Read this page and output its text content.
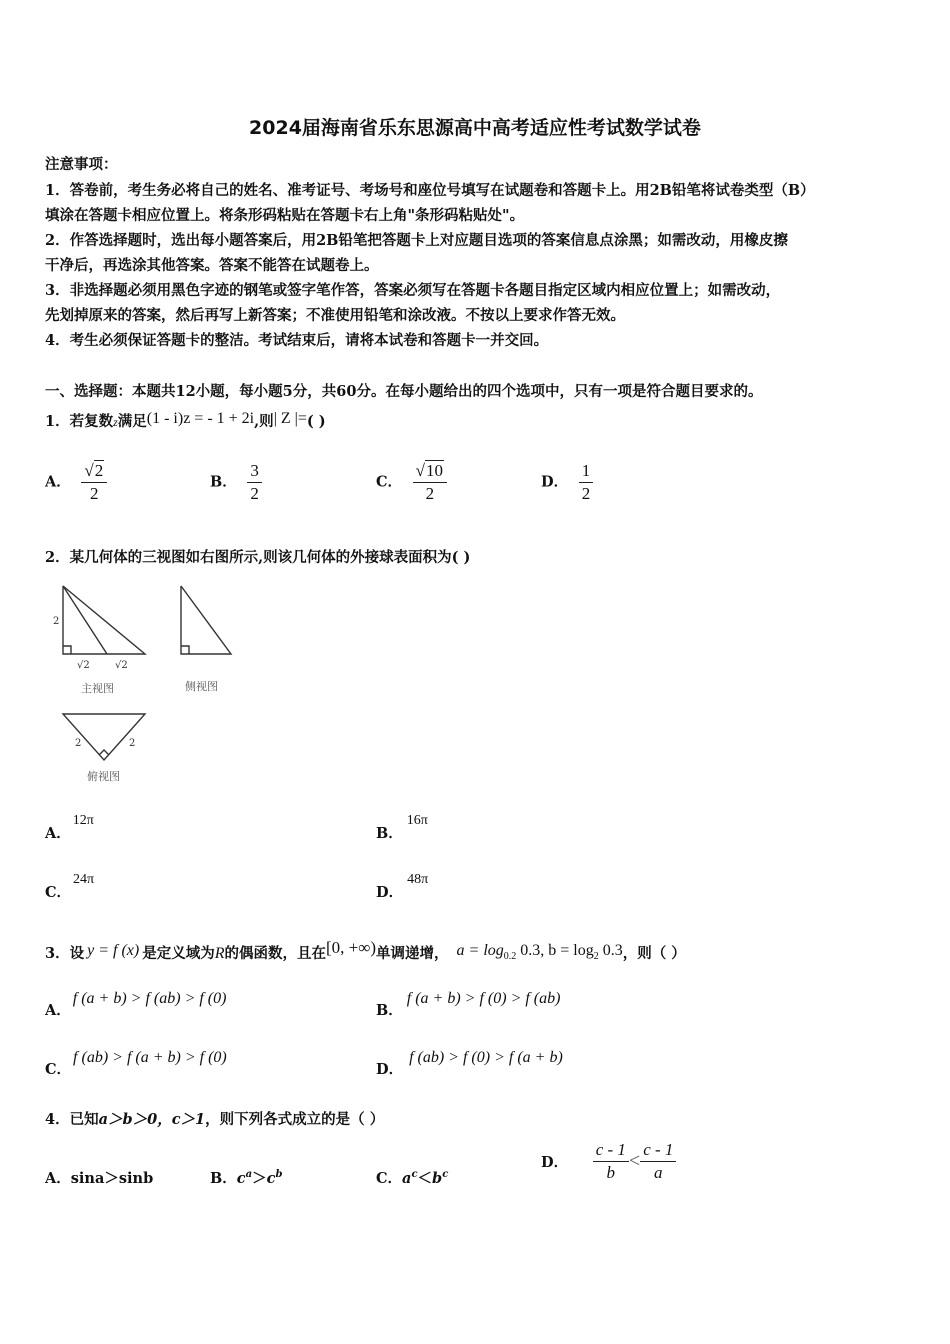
2024届海南省乐东思源高中高考适应性考试数学试卷
注意事项：
1．答卷前，考生务必将自己的姓名、准考证号、考场号和座位号填写在试题卷和答题卡上。用2B铅笔将试卷类型（B）
填涂在答题卡相应位置上。将条形码粘贴在答题卡右上角"条形码粘贴处"。
2．作答选择题时，选出每小题答案后，用2B铅笔把答题卡上对应题目选项的答案信息点涂黑；如需改动，用橡皮擦
干净后，再选涂其他答案。答案不能答在试题卷上。
3．非选择题必须用黑色字迹的钢笔或签字笔作答，答案必须写在答题卡各题目指定区域内相应位置上；如需改动，
先划掉原来的答案，然后再写上新答案；不准使用铅笔和涂改液。不按以上要求作答无效。
4．考生必须保证答题卡的整洁。考试结束后，请将本试卷和答题卡一并交回。
一、选择题：本题共12小题，每小题5分，共60分。在每小题给出的四个选项中，只有一项是符合题目要求的。
1．若复数z满足(1 - i)z = - 1 + 2i,则| Z |=( )
A． $\frac{√2}{2}$	B． $\frac{3}{2}$	C． $\frac{√10}{2}$	D． $\frac{1}{2}$
2．某几何体的三视图如右图所示,则该几何体的外接球表面积为( )
2
√2	√2
主视图	侧视图
2	2
俯视图
A．12π
B．16π
C．24π
D．48π
3．设 y = f (x) 是定义域为R的偶函数，且在[0, +∞)单调递增， $a = \log_{0.2} 0.3$, $b = \log_2 0.3$，则（ ）
A．f (a + b) > f (ab) > f (0)
B．f (a + b) > f (0) > f (ab)
C．f (ab) > f (a + b) > f (0)
D．f (ab) > f (0) > f (a + b)
4．已知a＞b＞0，c＞1，则下列各式成立的是（ ）
A．sina＞sinb	B．$c^a>c^b$	C．$a^c<b^c$
D． $\frac{c - 1}{b} < \frac{c - 1}{a}$
